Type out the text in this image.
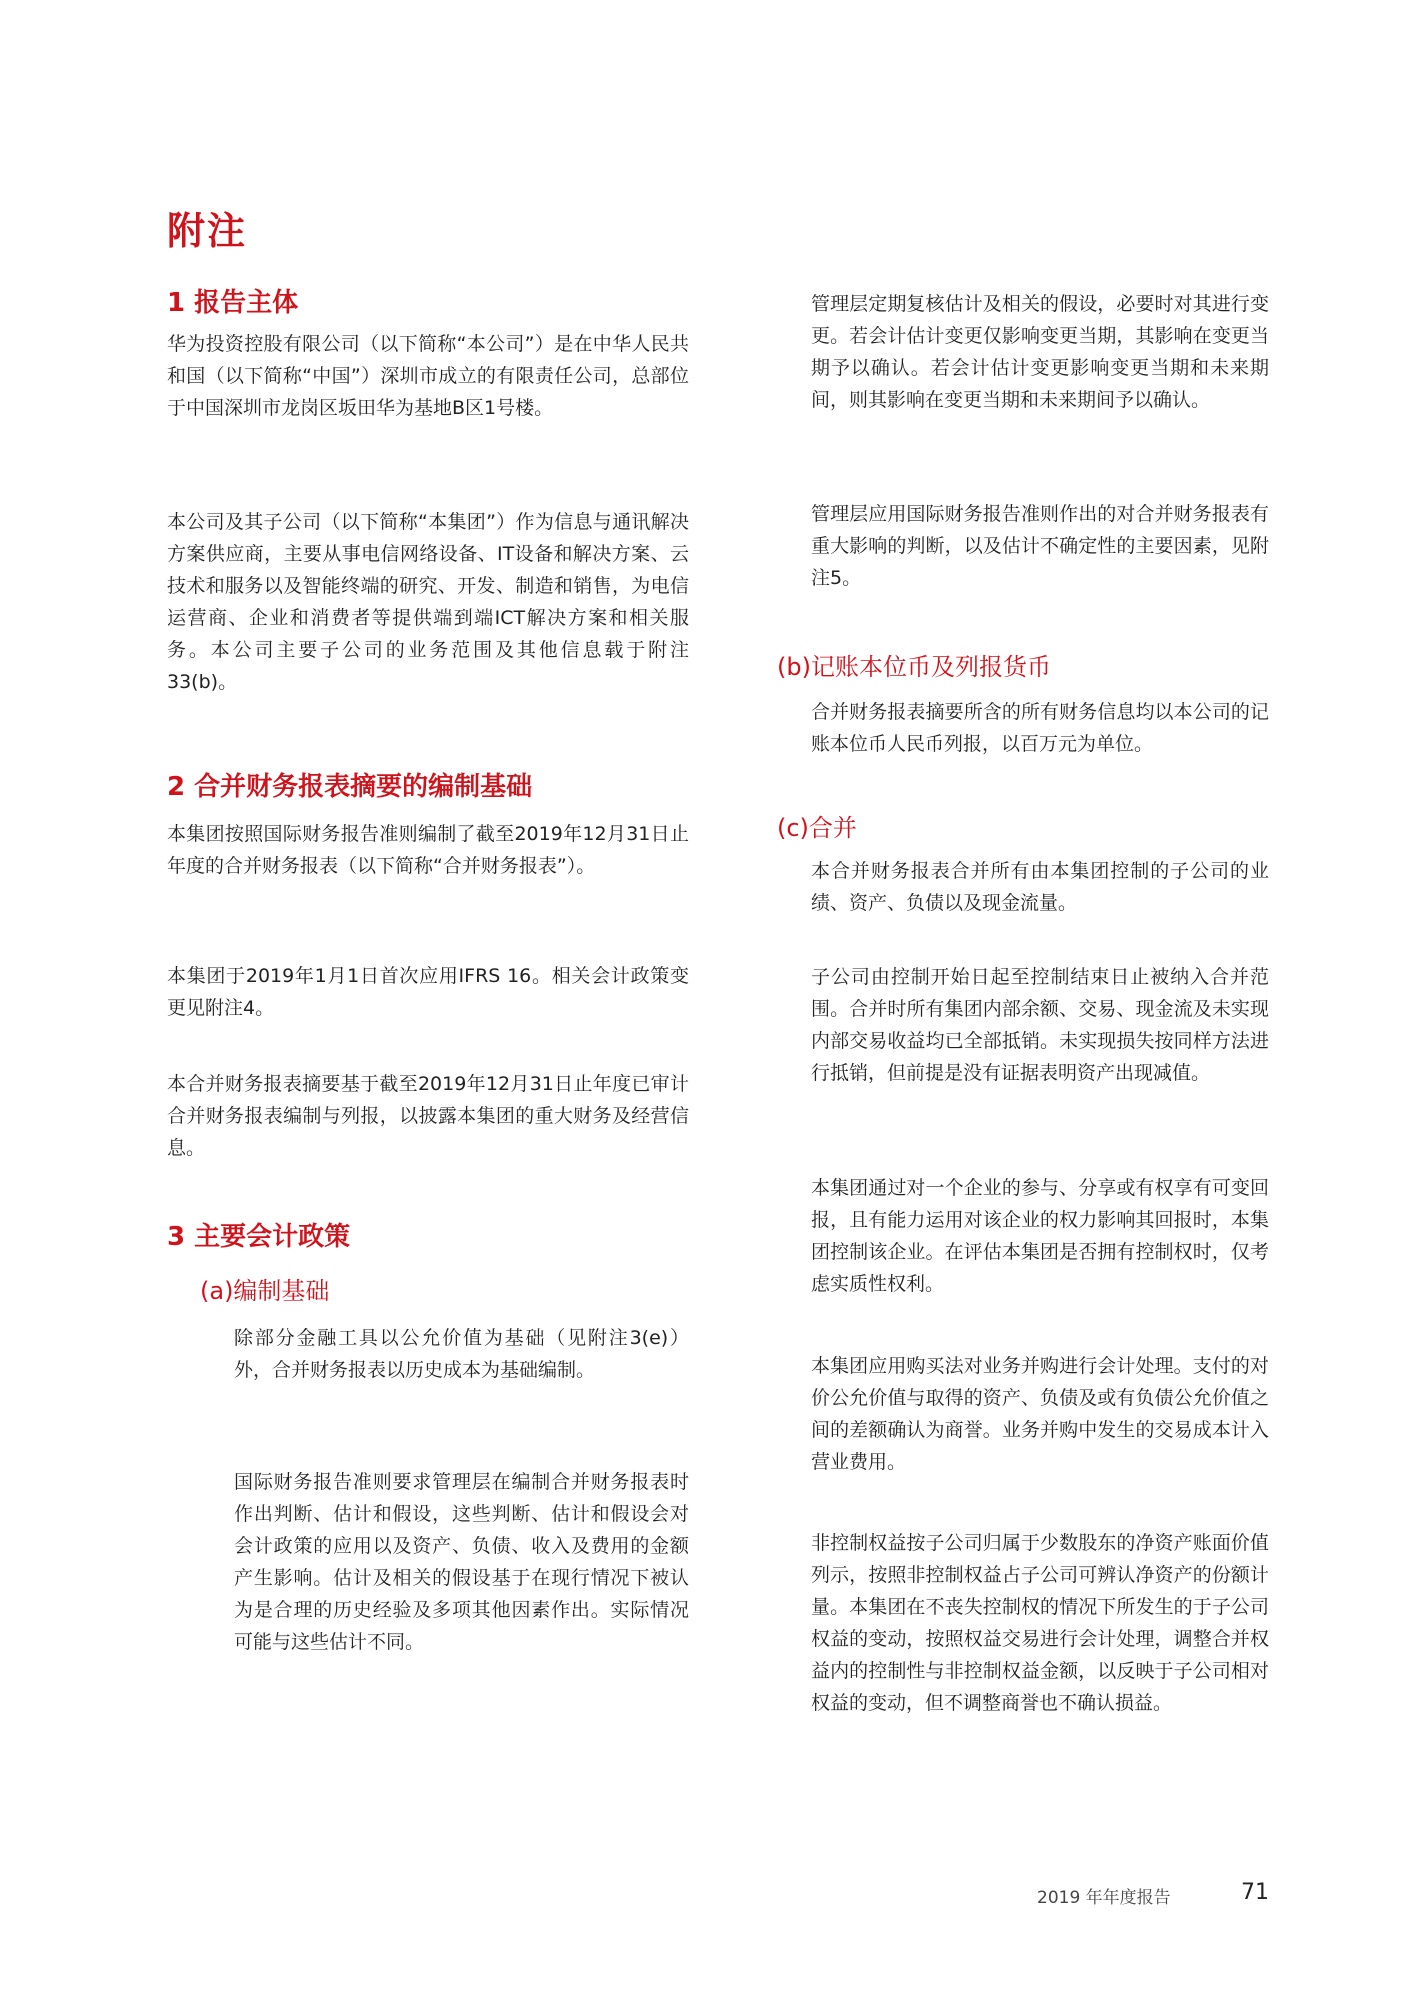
附注
1 报告主体
华为投资控股有限公司（以下简称“本公司”）是在中华人民共和国（以下简称“中国”）深圳市成立的有限责任公司，总部位于中国深圳市龙岗区坂田华为基地B区1号楼。
本公司及其子公司（以下简称“本集团”）作为信息与通讯解决方案供应商，主要从事电信网络设备、IT设备和解决方案、云技术和服务以及智能终端的研究、开发、制造和销售，为电信运营商、企业和消费者等提供端到端ICT解决方案和相关服务。本公司主要子公司的业务范围及其他信息载于附注33(b)。
2 合并财务报表摘要的编制基础
本集团按照国际财务报告准则编制了截至2019年12月31日止年度的合并财务报表（以下简称“合并财务报表”）。
本集团于2019年1月1日首次应用IFRS 16。相关会计政策变更见附注4。
本合并财务报表摘要基于截至2019年12月31日止年度已审计合并财务报表编制与列报，以披露本集团的重大财务及经营信息。
3 主要会计政策
(a)编制基础
除部分金融工具以公允价值为基础（见附注3(e)）外，合并财务报表以历史成本为基础编制。
国际财务报告准则要求管理层在编制合并财务报表时作出判断、估计和假设，这些判断、估计和假设会对会计政策的应用以及资产、负债、收入及费用的金额产生影响。估计及相关的假设基于在现行情况下被认为是合理的历史经验及多项其他因素作出。实际情况可能与这些估计不同。
管理层定期复核估计及相关的假设，必要时对其进行变更。若会计估计变更仅影响变更当期，其影响在变更当期予以确认。若会计估计变更影响变更当期和未来期间，则其影响在变更当期和未来期间予以确认。
管理层应用国际财务报告准则作出的对合并财务报表有重大影响的判断，以及估计不确定性的主要因素，见附注5。
(b)记账本位币及列报货币
合并财务报表摘要所含的所有财务信息均以本公司的记账本位币人民币列报，以百万元为单位。
(c)合并
本合并财务报表合并所有由本集团控制的子公司的业绩、资产、负债以及现金流量。
子公司由控制开始日起至控制结束日止被纳入合并范围。合并时所有集团内部余额、交易、现金流及未实现内部交易收益均已全部抵销。未实现损失按同样方法进行抵销，但前提是没有证据表明资产出现减值。
本集团通过对一个企业的参与、分享或有权享有可变回报，且有能力运用对该企业的权力影响其回报时，本集团控制该企业。在评估本集团是否拥有控制权时，仅考虑实质性权利。
本集团应用购买法对业务并购进行会计处理。支付的对价公允价值与取得的资产、负债及或有负债公允价值之间的差额确认为商誉。业务并购中发生的交易成本计入营业费用。
非控制权益按子公司归属于少数股东的净资产账面价值列示，按照非控制权益占子公司可辨认净资产的份额计量。本集团在不丧失控制权的情况下所发生的于子公司权益的变动，按照权益交易进行会计处理，调整合并权益内的控制性与非控制权益金额，以反映于子公司相对权益的变动，但不调整商誉也不确认损益。
2019 年年度报告	71
